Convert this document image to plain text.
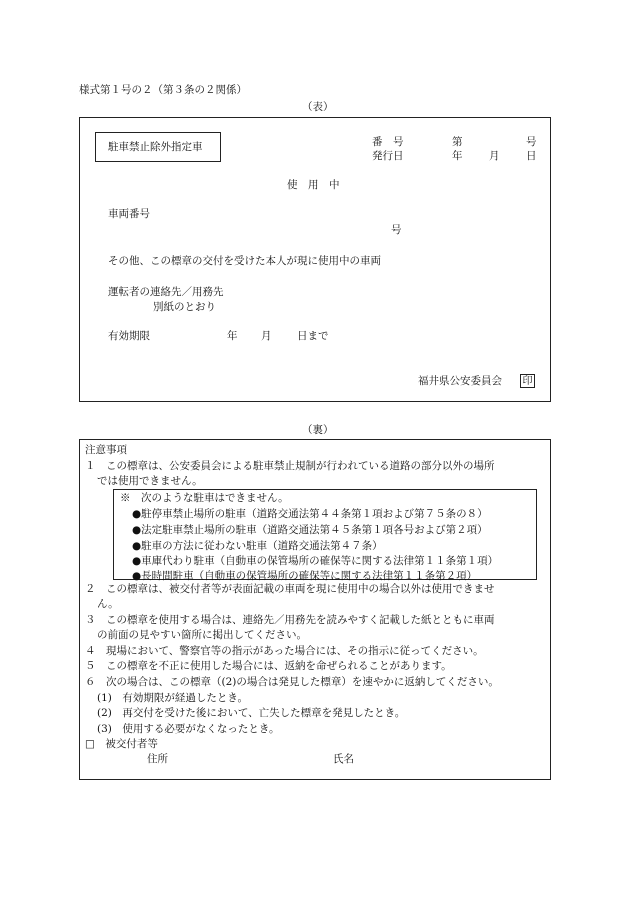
様式第１号の２（第３条の２関係）
（表）
駐車禁止除外指定車	番　号	第	号
発行日	年	月	日
使　用　中
車両番号
号
その他、この標章の交付を受けた本人が現に使用中の車両
運転者の連絡先／用務先
別紙のとおり
有効期限	年 月 日まで
福井県公安委員会 印
（裏）
注意事項
１　この標章は、公安委員会による駐車禁止規制が行われている道路の部分以外の場所
では使用できません。
※　次のような駐車はできません。
●駐停車禁止場所の駐車（道路交通法第４４条第１項および第７５条の８）
●法定駐車禁止場所の駐車（道路交通法第４５条第１項各号および第２項）
●駐車の方法に従わない駐車（道路交通法第４７条）
●車庫代わり駐車（自動車の保管場所の確保等に関する法律第１１条第１項）
●長時間駐車（自動車の保管場所の確保等に関する法律第１１条第２項）
２　この標章は、被交付者等が表面記載の車両を現に使用中の場合以外は使用できませ
ん。
３　この標章を使用する場合は、連絡先／用務先を読みやすく記載した紙とともに車両
の前面の見やすい箇所に掲出してください。
４　現場において、警察官等の指示があった場合には、その指示に従ってください。
５　この標章を不正に使用した場合には、返納を命ぜられることがあります。
６　次の場合は、この標章（(2)の場合は発見した標章）を速やかに返納してください。
(1)　有効期限が経過したとき。
(2)　再交付を受けた後において、亡失した標章を発見したとき。
(3)　使用する必要がなくなったとき。
□　被交付者等
住所	氏名
